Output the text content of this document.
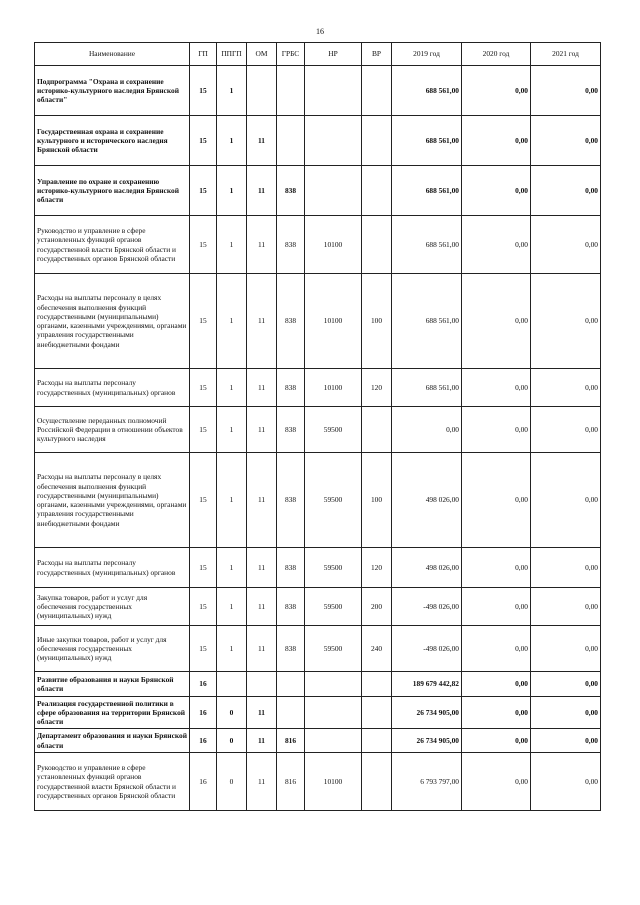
16
Наименование	ГП	ППГП	ОМ	ГРБС	НР	ВР	2019 год	2020 год	2021 год
Подпрограмма "Охрана и сохранение историко-культурного наследия Брянской области"	15	1					688 561,00	0,00	0,00
Государственная охрана и сохранение культурного и исторического наследия Брянской области	15	1	11				688 561,00	0,00	0,00
Управление по охране и сохранению историко-культурного наследия Брянской области	15	1	11	838			688 561,00	0,00	0,00
Руководство и управление в сфере установленных функций органов государственной власти Брянской области и государственных органов Брянской области	15	1	11	838	10100		688 561,00	0,00	0,00
Расходы на выплаты персоналу в целях обеспечения выполнения функций государственными (муниципальными) органами, казенными учреждениями, органами управления государственными внебюджетными фондами	15	1	11	838	10100	100	688 561,00	0,00	0,00
Расходы на выплаты персоналу государственных (муниципальных) органов	15	1	11	838	10100	120	688 561,00	0,00	0,00
Осуществление переданных полномочий Российской Федерации в отношении объектов культурного наследия	15	1	11	838	59500		0,00	0,00	0,00
Расходы на выплаты персоналу в целях обеспечения выполнения функций государственными (муниципальными) органами, казенными учреждениями, органами управления государственными внебюджетными фондами	15	1	11	838	59500	100	498 026,00	0,00	0,00
Расходы на выплаты персоналу государственных (муниципальных) органов	15	1	11	838	59500	120	498 026,00	0,00	0,00
Закупка товаров, работ и услуг для обеспечения государственных (муниципальных) нужд	15	1	11	838	59500	200	-498 026,00	0,00	0,00
Иные закупки товаров, работ и услуг для обеспечения государственных (муниципальных) нужд	15	1	11	838	59500	240	-498 026,00	0,00	0,00
Развитие образования и науки Брянской области	16						189 679 442,82	0,00	0,00
Реализация государственной политики в сфере образования на территории Брянской области	16	0	11				26 734 905,00	0,00	0,00
Департамент образования и науки Брянской области	16	0	11	816			26 734 905,00	0,00	0,00
Руководство и управление в сфере установленных функций органов государственной власти Брянской области и государственных органов Брянской области	16	0	11	816	10100		6 793 797,00	0,00	0,00
